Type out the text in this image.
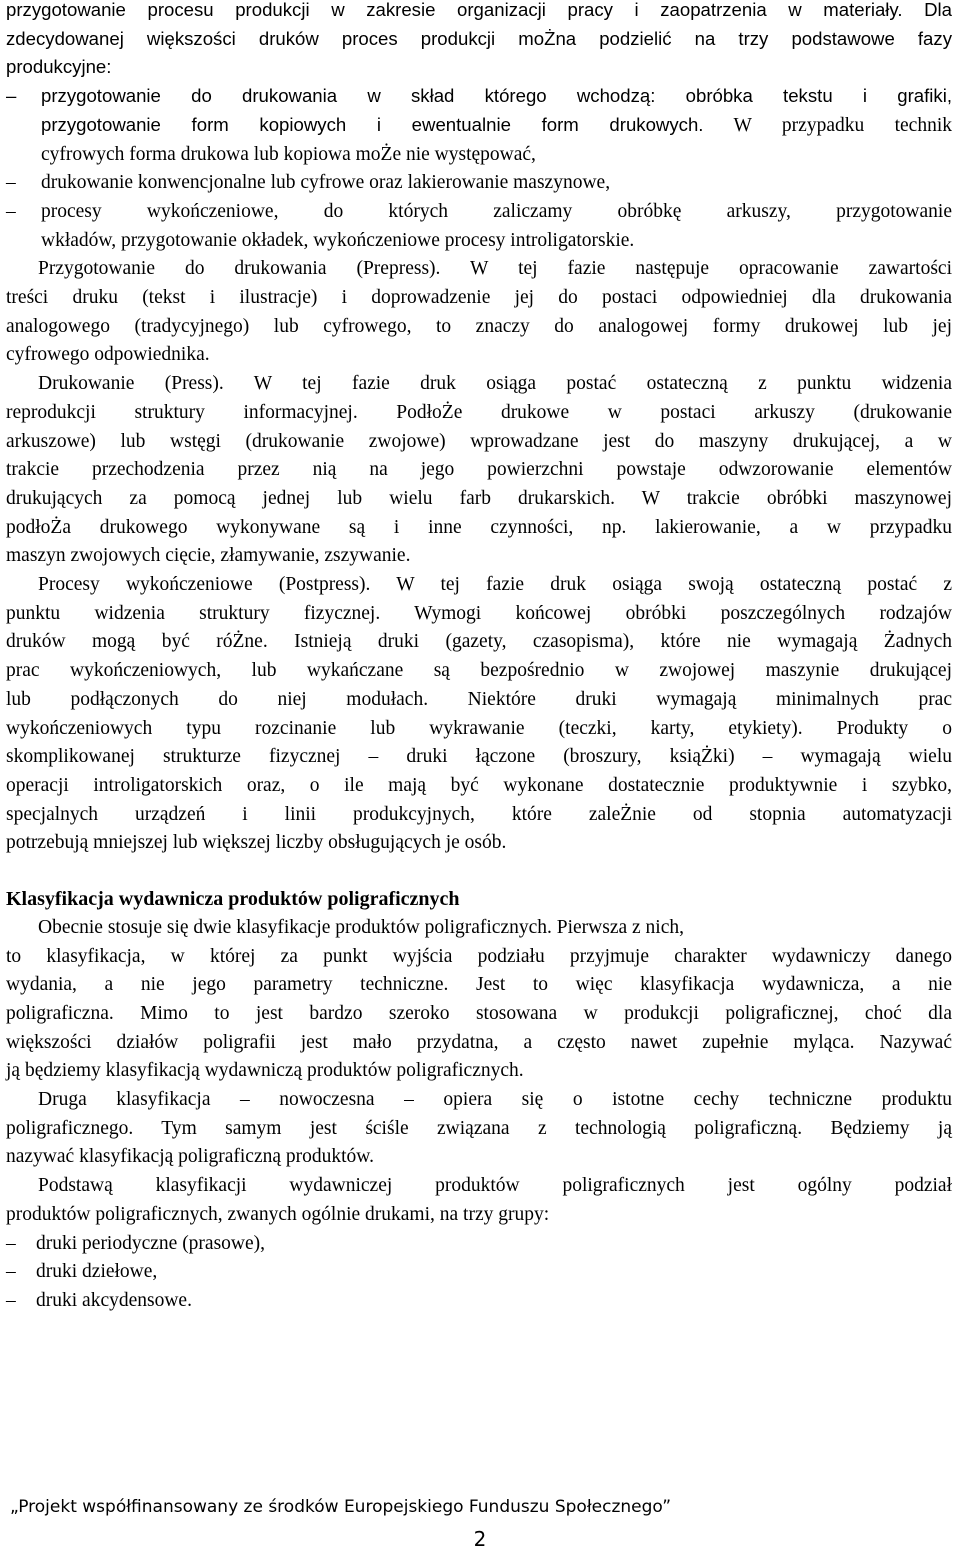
przygotowanie procesu produkcji w zakresie organizacji pracy i zaopatrzenia w materiały. Dla

zdecydowanej większości druków proces produkcji moŻna podzielić na trzy podstawowe fazy

produkcyjne:

– przygotowanie do drukowania w skład którego wchodzą: obróbka tekstu i grafiki,

przygotowanie form kopiowych i ewentualnie form drukowych. W przypadku technik

cyfrowych forma drukowa lub kopiowa moŻe nie występować,

– drukowanie konwencjonalne lub cyfrowe oraz lakierowanie maszynowe,

– procesy wykończeniowe, do których zaliczamy obróbkę arkuszy, przygotowanie

wkładów, przygotowanie okładek, wykończeniowe procesy introligatorskie.

Przygotowanie do drukowania (Prepress). W tej fazie następuje opracowanie zawartości

treści druku (tekst i ilustracje) i doprowadzenie jej do postaci odpowiedniej dla drukowania

analogowego (tradycyjnego) lub cyfrowego, to znaczy do analogowej formy drukowej lub jej

cyfrowego odpowiednika.

Drukowanie (Press). W tej fazie druk osiąga postać ostateczną z punktu widzenia

reprodukcji struktury informacyjnej. PodłoŻe drukowe w postaci arkuszy (drukowanie

arkuszowe) lub wstęgi (drukowanie zwojowe) wprowadzane jest do maszyny drukującej, a w

trakcie przechodzenia przez nią na jego powierzchni powstaje odwzorowanie elementów

drukujących za pomocą jednej lub wielu farb drukarskich. W trakcie obróbki maszynowej

podłoŻa drukowego wykonywane są i inne czynności, np. lakierowanie, a w przypadku

maszyn zwojowych cięcie, złamywanie, zszywanie.

Procesy wykończeniowe (Postpress). W tej fazie druk osiąga swoją ostateczną postać z

punktu widzenia struktury fizycznej. Wymogi końcowej obróbki poszczególnych rodzajów

druków mogą być róŻne. Istnieją druki (gazety, czasopisma), które nie wymagają Żadnych

prac wykończeniowych, lub wykańczane są bezpośrednio w zwojowej maszynie drukującej

lub podłączonych do niej modułach. Niektóre druki wymagają minimalnych prac

wykończeniowych typu rozcinanie lub wykrawanie (teczki, karty, etykiety). Produkty o

skomplikowanej strukturze fizycznej – druki łączone (broszury, ksiąŻki) – wymagają wielu

operacji introligatorskich oraz, o ile mają być wykonane dostatecznie produktywnie i szybko,

specjalnych urządzeń i linii produkcyjnych, które zaleŻnie od stopnia automatyzacji

potrzebują mniejszej lub większej liczby obsługujących je osób.

Klasyfikacja wydawnicza produktów poligraficznych

Obecnie stosuje się dwie klasyfikacje produktów poligraficznych. Pierwsza z nich,

to klasyfikacja, w której za punkt wyjścia podziału przyjmuje charakter wydawniczy danego

wydania, a nie jego parametry techniczne. Jest to więc klasyfikacja wydawnicza, a nie

poligraficzna. Mimo to jest bardzo szeroko stosowana w produkcji poligraficznej, choć dla

większości działów poligrafii jest mało przydatna, a często nawet zupełnie myląca. Nazywać

ją będziemy klasyfikacją wydawniczą produktów poligraficznych.

Druga klasyfikacja – nowoczesna – opiera się o istotne cechy techniczne produktu

poligraficznego. Tym samym jest ściśle związana z technologią poligraficzną. Będziemy ją

nazywać klasyfikacją poligraficzną produktów.

Podstawą klasyfikacji wydawniczej produktów poligraficznych jest ogólny podział

produktów poligraficznych, zwanych ogólnie drukami, na trzy grupy:

– druki periodyczne (prasowe),

– druki dziełowe,

– druki akcydensowe.

„Projekt współfinansowany ze środków Europejskiego Funduszu Społecznego”
2
